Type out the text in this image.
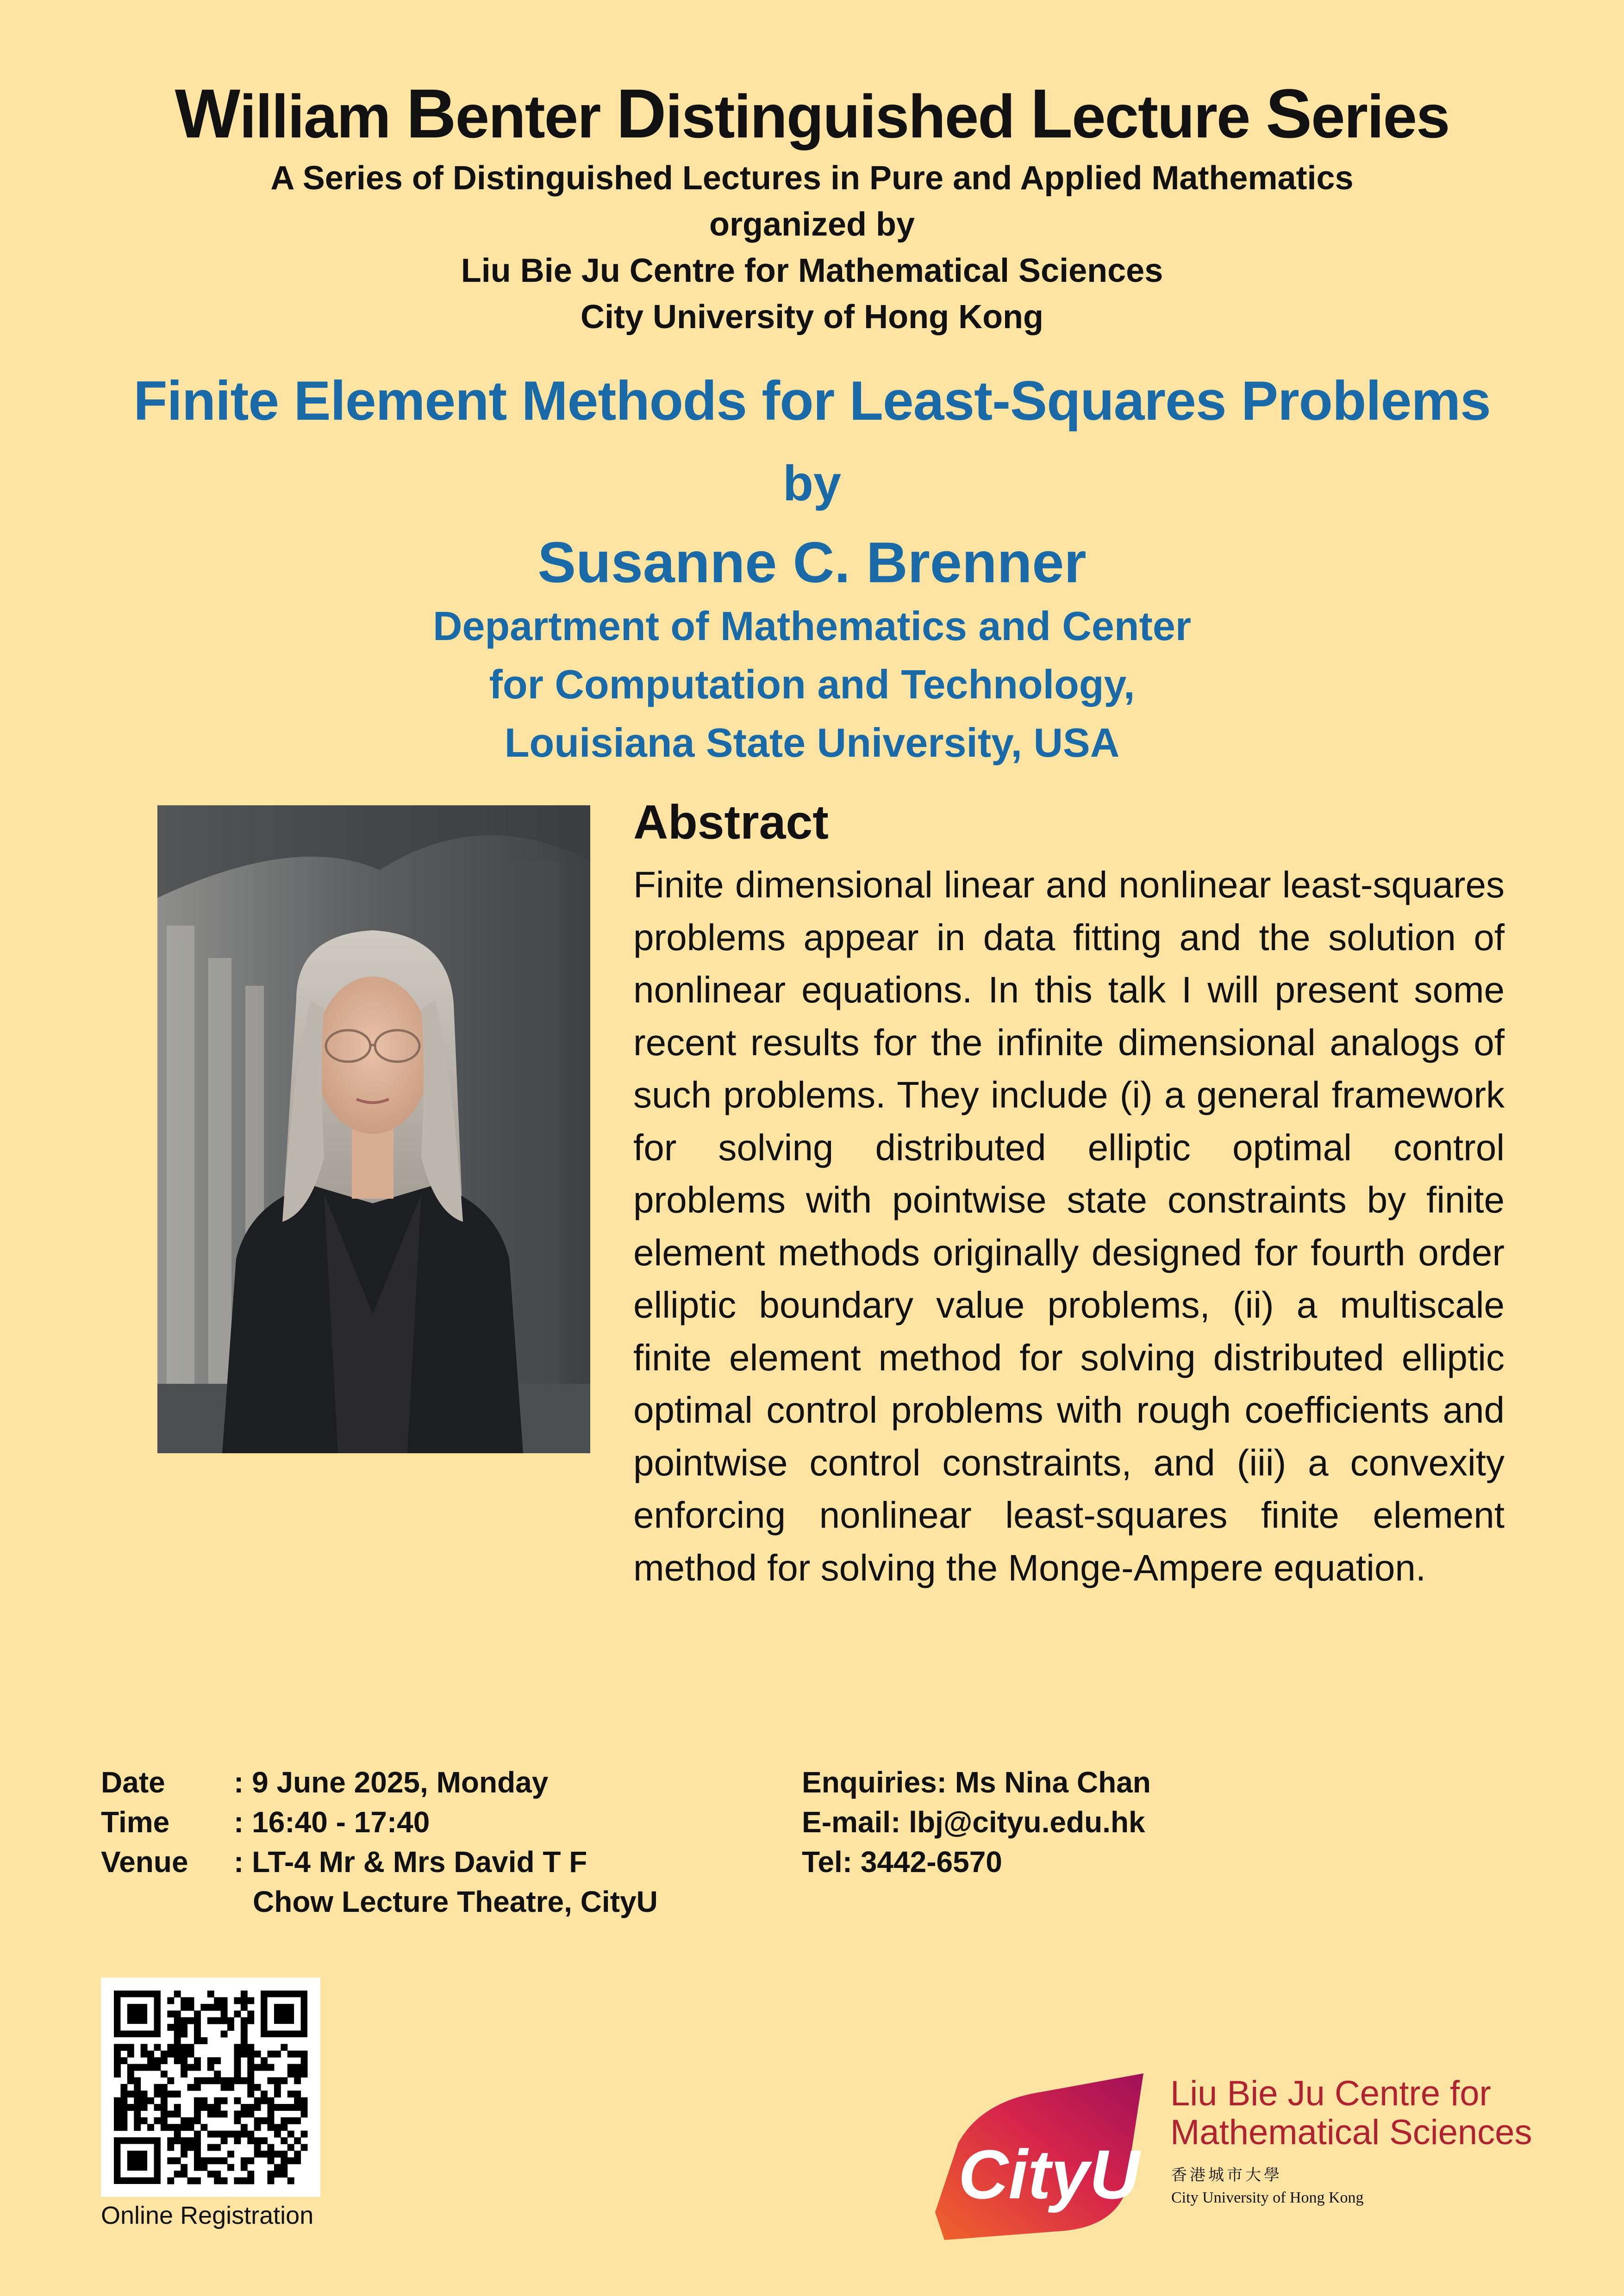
William Benter Distinguished Lecture Series
A Series of Distinguished Lectures in Pure and Applied Mathematics
organized by
Liu Bie Ju Centre for Mathematical Sciences
City University of Hong Kong
Finite Element Methods for Least-Squares Problems
by
Susanne C. Brenner
Department of Mathematics and Center
for Computation and Technology,
Louisiana State University, USA
Abstract
Finite dimensional linear and nonlinear least-squares problems appear in data fitting and the solution of nonlinear equations. In this talk I will present some recent results for the infinite dimensional analogs of such problems. They include (i) a general framework for solving distributed elliptic optimal control problems with pointwise state constraints by finite element methods originally designed for fourth order elliptic boundary value problems, (ii) a multiscale finite element method for solving distributed elliptic optimal control problems with rough coefficients and pointwise control constraints, and (iii) a convexity enforcing nonlinear least-squares finite element method for solving the Monge-Ampere equation.
Date : 9 June 2025, Monday
Time : 16:40 - 17:40
Venue : LT-4 Mr & Mrs David T F
Chow Lecture Theatre, CityU
Enquiries: Ms Nina Chan
E-mail: lbj@cityu.edu.hk
Tel: 3442-6570
Online Registration
CityU
Liu Bie Ju Centre for
Mathematical Sciences
香港城市大學
City University of Hong Kong
